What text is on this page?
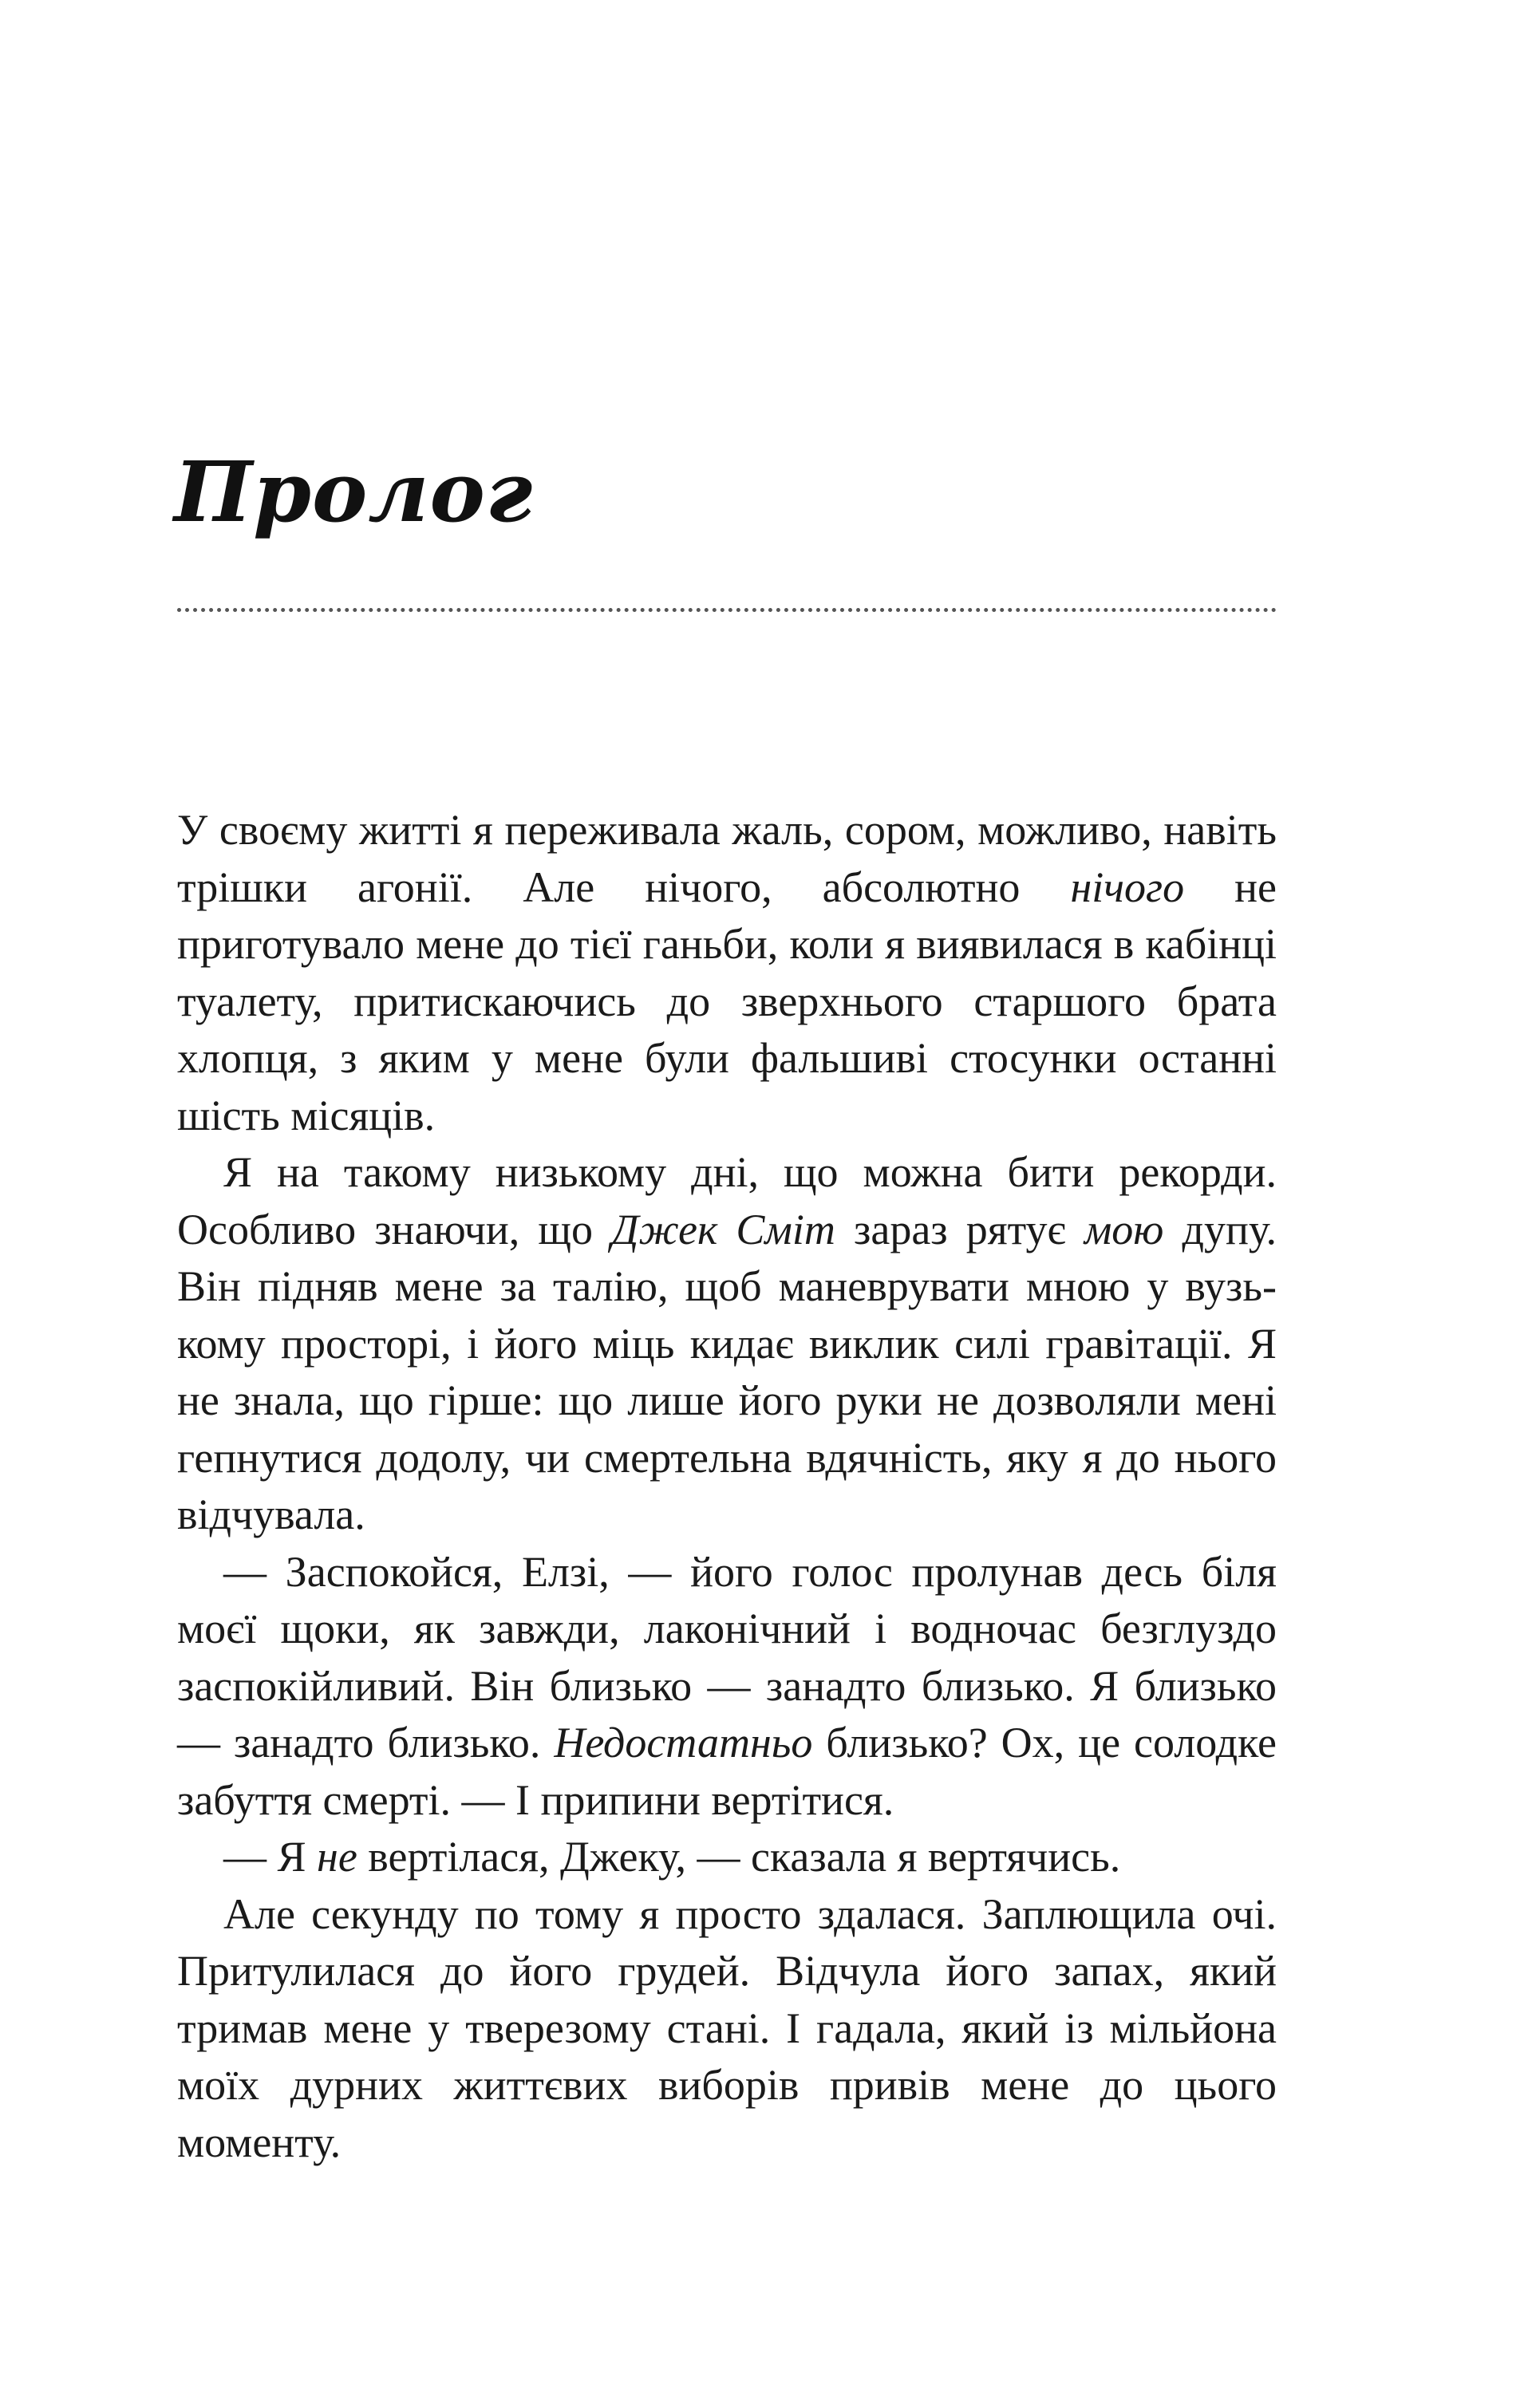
Пролог

У своєму житті я переживала жаль, сором, можливо, навіть трішки агонії. Але нічого, абсолютно нічого не приготувало мене до тієї ганьби, коли я виявилася в кабінці туалету, притискаючись до зверхнього старшого брата хлопця, з яким у мене були фальшиві стосунки останні шість місяців.

Я на такому низькому дні, що можна бити рекорди. Особливо знаючи, що Джек Сміт зараз рятує мою дупу. Він підняв мене за талію, щоб маневрувати мною у вузькому просторі, і його міць кидає виклик силі гравітації. Я не знала, що гірше: що лише його руки не дозволяли мені гепнутися додолу, чи смертельна вдячність, яку я до нього відчувала.

— Заспокойся, Елзі, — його голос пролунав десь біля моєї щоки, як завжди, лаконічний і водночас безглуздо заспокійливий. Він близько — занадто близько. Я близько — занадто близько. Недостатньо близько? Ох, це солодке забуття смерті. — І припини вертітися.

— Я не вертілася, Джеку, — сказала я вертячись.

Але секунду по тому я просто здалася. Заплющила очі. Притулилася до його грудей. Відчула його запах, який тримав мене у тверезому стані. І гадала, який із мільйона моїх дурних життєвих виборів привів мене до цього моменту.
